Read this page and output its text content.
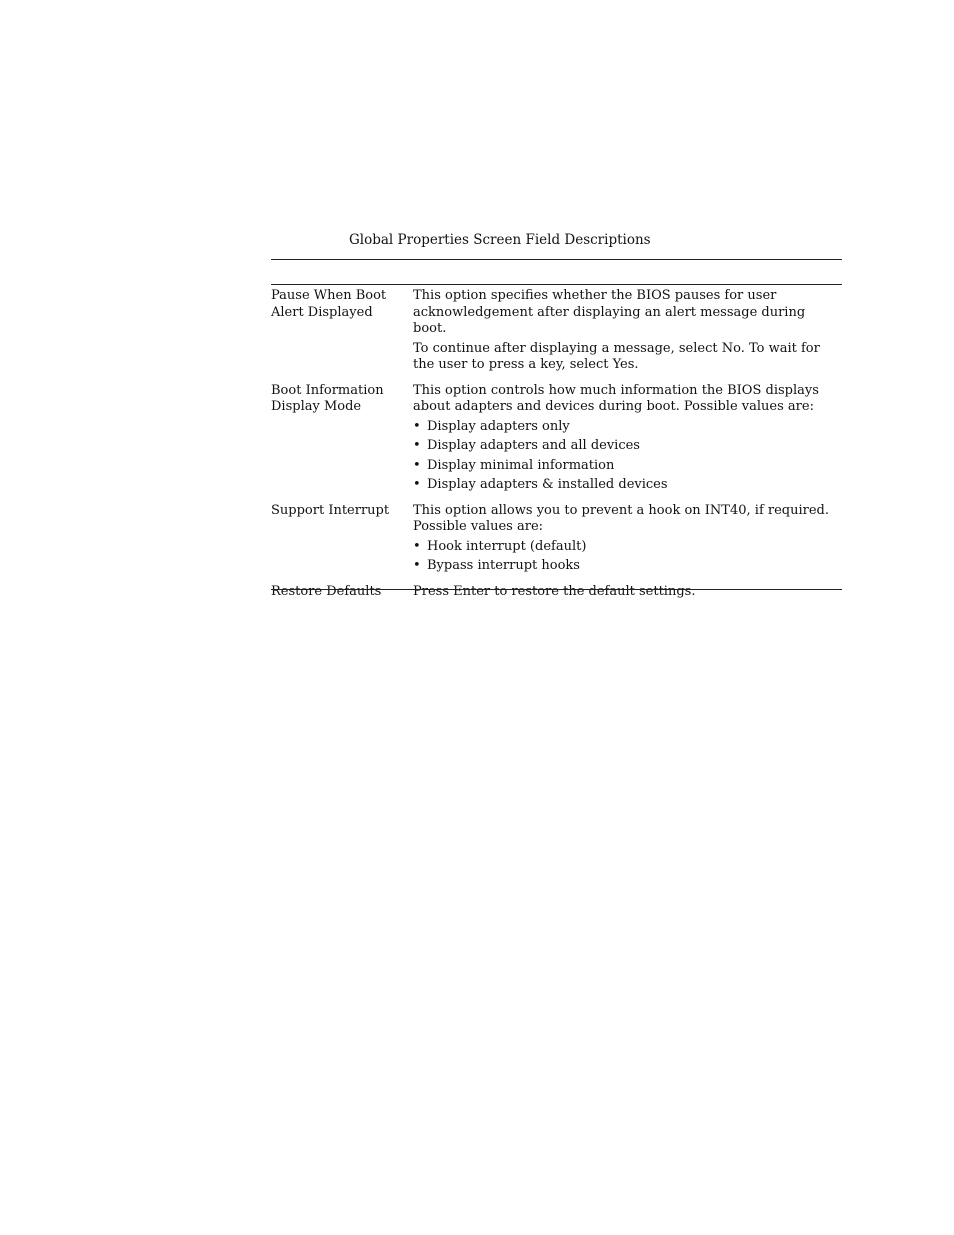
Global Properties Screen Field Descriptions
Pause When Boot Alert Displayed

This option specifies whether the BIOS pauses for user acknowledgement after displaying an alert message during boot.

To continue after displaying a message, select No. To wait for the user to press a key, select Yes.

Boot Information Display Mode

This option controls how much information the BIOS displays about adapters and devices during boot. Possible values are:

• Display adapters only
• Display adapters and all devices
• Display minimal information
• Display adapters & installed devices
Support Interrupt	This option allows you to prevent a hook on INT40, if required. Possible values are:

• Hook interrupt (default)
• Bypass interrupt hooks
Restore Defaults	Press Enter to restore the default settings.
